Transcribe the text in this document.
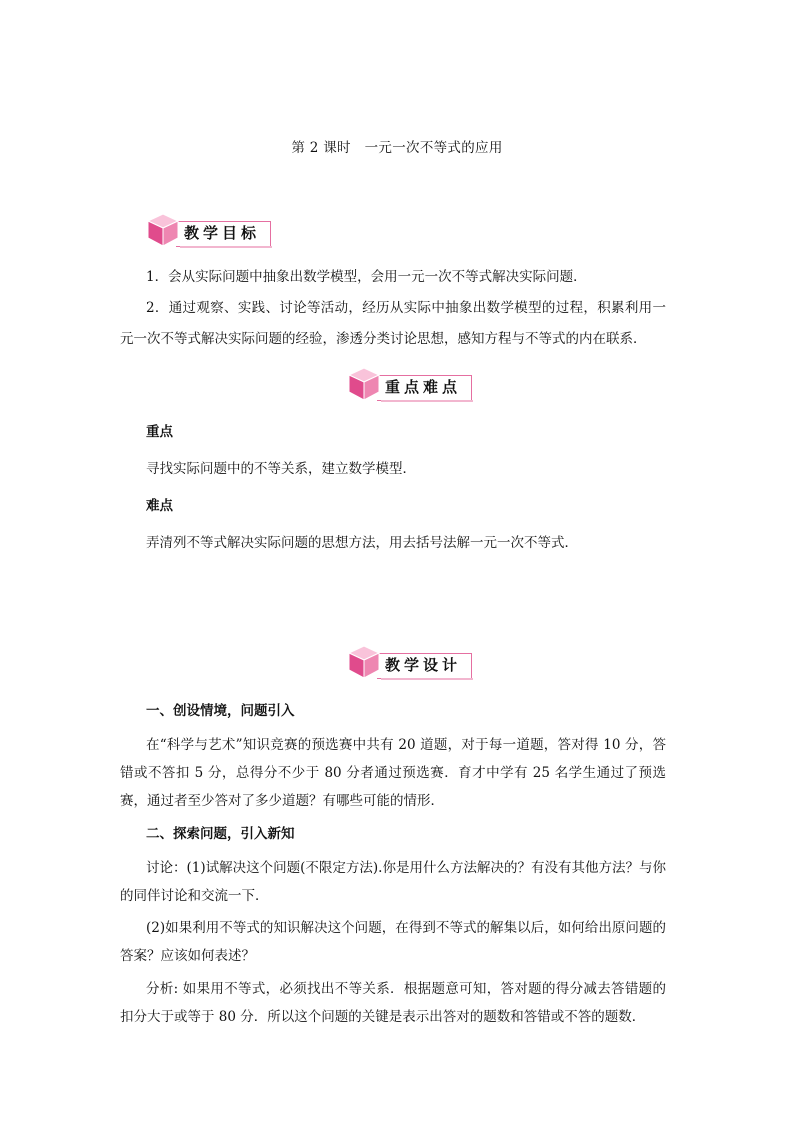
第 2 课时　一元一次不等式的应用
教学目标
1．会从实际问题中抽象出数学模型，会用一元一次不等式解决实际问题．
2．通过观察、实践、讨论等活动，经历从实际中抽象出数学模型的过程，积累利用一元一次不等式解决实际问题的经验，渗透分类讨论思想，感知方程与不等式的内在联系．
重点难点
重点
寻找实际问题中的不等关系，建立数学模型．
难点
弄清列不等式解决实际问题的思想方法，用去括号法解一元一次不等式．
教学设计
一、创设情境，问题引入
在“科学与艺术”知识竞赛的预选赛中共有 20 道题，对于每一道题，答对得 10 分，答错或不答扣 5 分，总得分不少于 80 分者通过预选赛．育才中学有 25 名学生通过了预选赛，通过者至少答对了多少道题？有哪些可能的情形．
二、探索问题，引入新知
讨论：(1)试解决这个问题(不限定方法).你是用什么方法解决的？有没有其他方法？与你的同伴讨论和交流一下．
(2)如果利用不等式的知识解决这个问题，在得到不等式的解集以后，如何给出原问题的答案？应该如何表述？
分析: 如果用不等式，必须找出不等关系．根据题意可知，答对题的得分减去答错题的扣分大于或等于 80 分．所以这个问题的关键是表示出答对的题数和答错或不答的题数．
